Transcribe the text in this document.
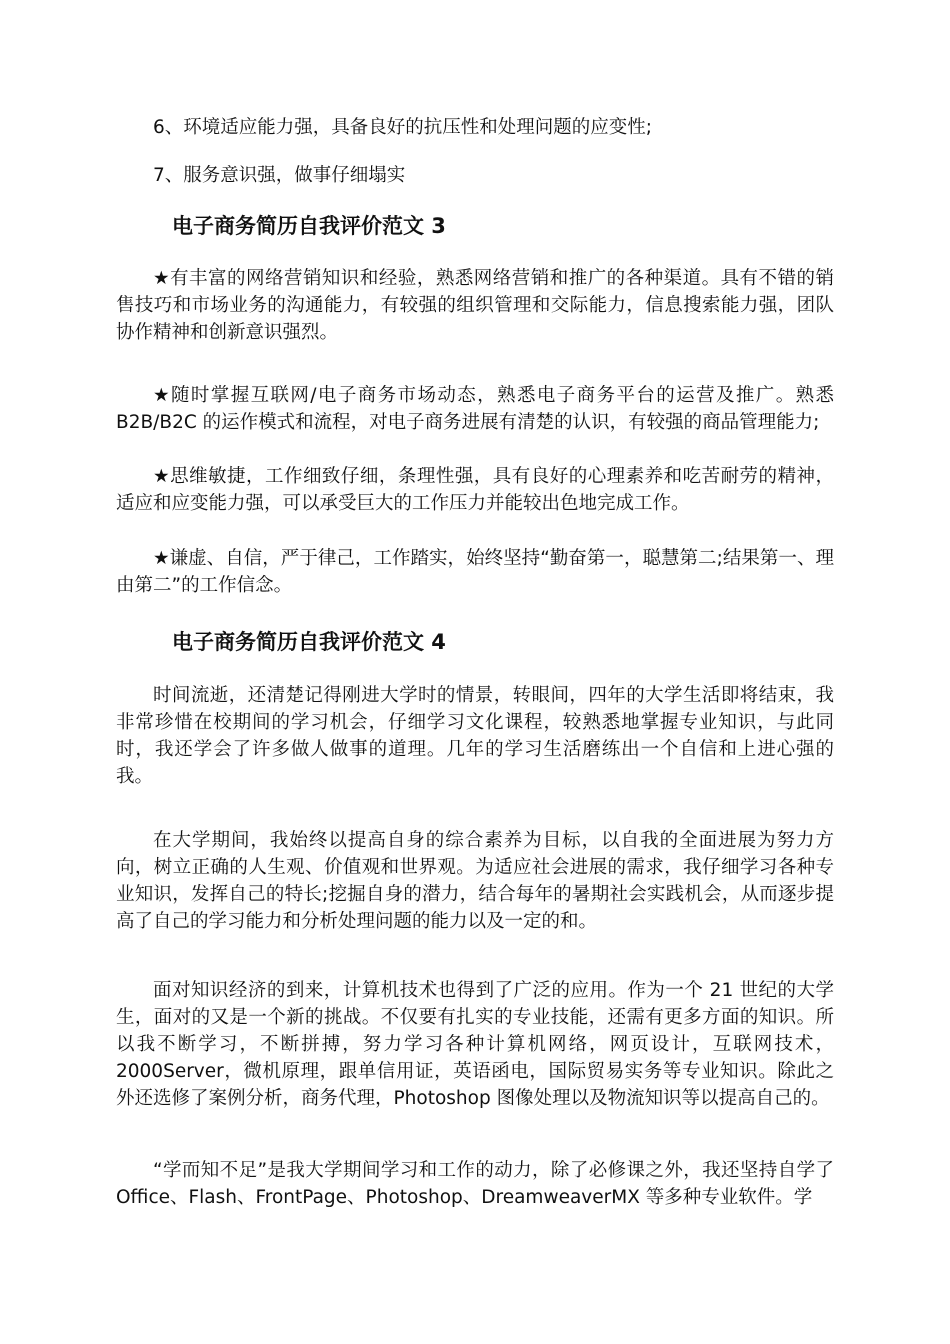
6、环境适应能力强，具备良好的抗压性和处理问题的应变性;

7、服务意识强，做事仔细塌实

电子商务简历自我评价范文 3

★有丰富的网络营销知识和经验，熟悉网络营销和推广的各种渠道。具有不错的销售技巧和市场业务的沟通能力，有较强的组织管理和交际能力，信息搜索能力强，团队协作精神和创新意识强烈。

★随时掌握互联网/电子商务市场动态，熟悉电子商务平台的运营及推广。熟悉 B2B/B2C 的运作模式和流程，对电子商务进展有清楚的认识，有较强的商品管理能力;

★思维敏捷，工作细致仔细，条理性强，具有良好的心理素养和吃苦耐劳的精神，适应和应变能力强，可以承受巨大的工作压力并能较出色地完成工作。

★谦虚、自信，严于律己，工作踏实，始终坚持“勤奋第一，聪慧第二;结果第一、理由第二”的工作信念。

电子商务简历自我评价范文 4

时间流逝，还清楚记得刚进大学时的情景，转眼间，四年的大学生活即将结束，我非常珍惜在校期间的学习机会，仔细学习文化课程，较熟悉地掌握专业知识，与此同时，我还学会了许多做人做事的道理。几年的学习生活磨练出一个自信和上进心强的我。

在大学期间，我始终以提高自身的综合素养为目标，以自我的全面进展为努力方向，树立正确的人生观、价值观和世界观。为适应社会进展的需求，我仔细学习各种专业知识，发挥自己的特长;挖掘自身的潜力，结合每年的暑期社会实践机会，从而逐步提高了自己的学习能力和分析处理问题的能力以及一定的和。

面对知识经济的到来，计算机技术也得到了广泛的应用。作为一个 21 世纪的大学生，面对的又是一个新的挑战。不仅要有扎实的专业技能，还需有更多方面的知识。所以我不断学习，不断拼搏，努力学习各种计算机网络，网页设计，互联网技术，2000Server，微机原理，跟单信用证，英语函电，国际贸易实务等专业知识。除此之外还选修了案例分析，商务代理，Photoshop 图像处理以及物流知识等以提高自己的。

“学而知不足”是我大学期间学习和工作的动力，除了必修课之外，我还坚持自学了 Office、Flash、FrontPage、Photoshop、DreamweaverMX 等多种专业软件。学
